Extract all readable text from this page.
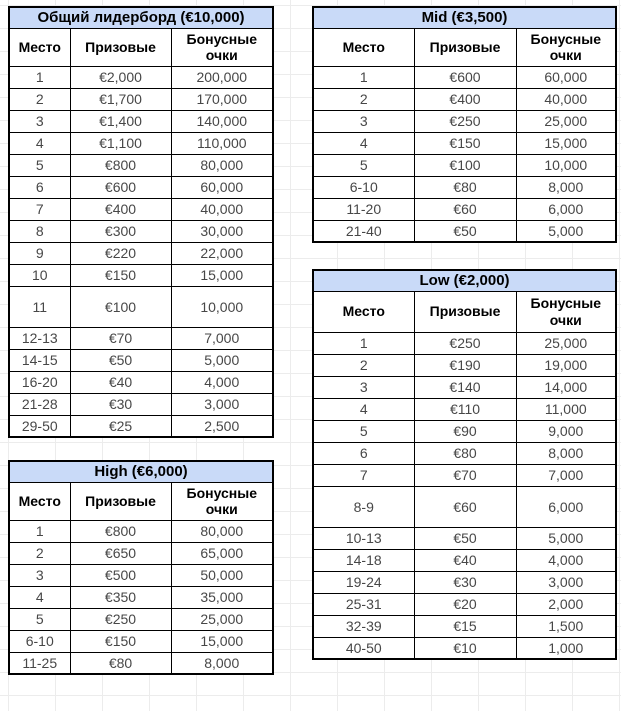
Общий лидерборд (€10,000)		
Место	Призовые	Бонусные очки
1	€2,000	200,000
2	€1,700	170,000
3	€1,400	140,000
4	€1,100	110,000
5	€800	80,000
6	€600	60,000
7	€400	40,000
8	€300	30,000
9	€220	22,000
10	€150	15,000
11	€100	10,000
12-13	€70	7,000
14-15	€50	5,000
16-20	€40	4,000
21-28	€30	3,000
29-50	€25	2,500
High (€6,000)		
Место	Призовые	Бонусные очки
1	€800	80,000
2	€650	65,000
3	€500	50,000
4	€350	35,000
5	€250	25,000
6-10	€150	15,000
11-25	€80	8,000
Mid (€3,500)		
Место	Призовые	Бонусные очки
1	€600	60,000
2	€400	40,000
3	€250	25,000
4	€150	15,000
5	€100	10,000
6-10	€80	8,000
11-20	€60	6,000
21-40	€50	5,000
Low (€2,000)		
Место	Призовые	Бонусные очки
1	€250	25,000
2	€190	19,000
3	€140	14,000
4	€110	11,000
5	€90	9,000
6	€80	8,000
7	€70	7,000
8-9	€60	6,000
10-13	€50	5,000
14-18	€40	4,000
19-24	€30	3,000
25-31	€20	2,000
32-39	€15	1,500
40-50	€10	1,000
